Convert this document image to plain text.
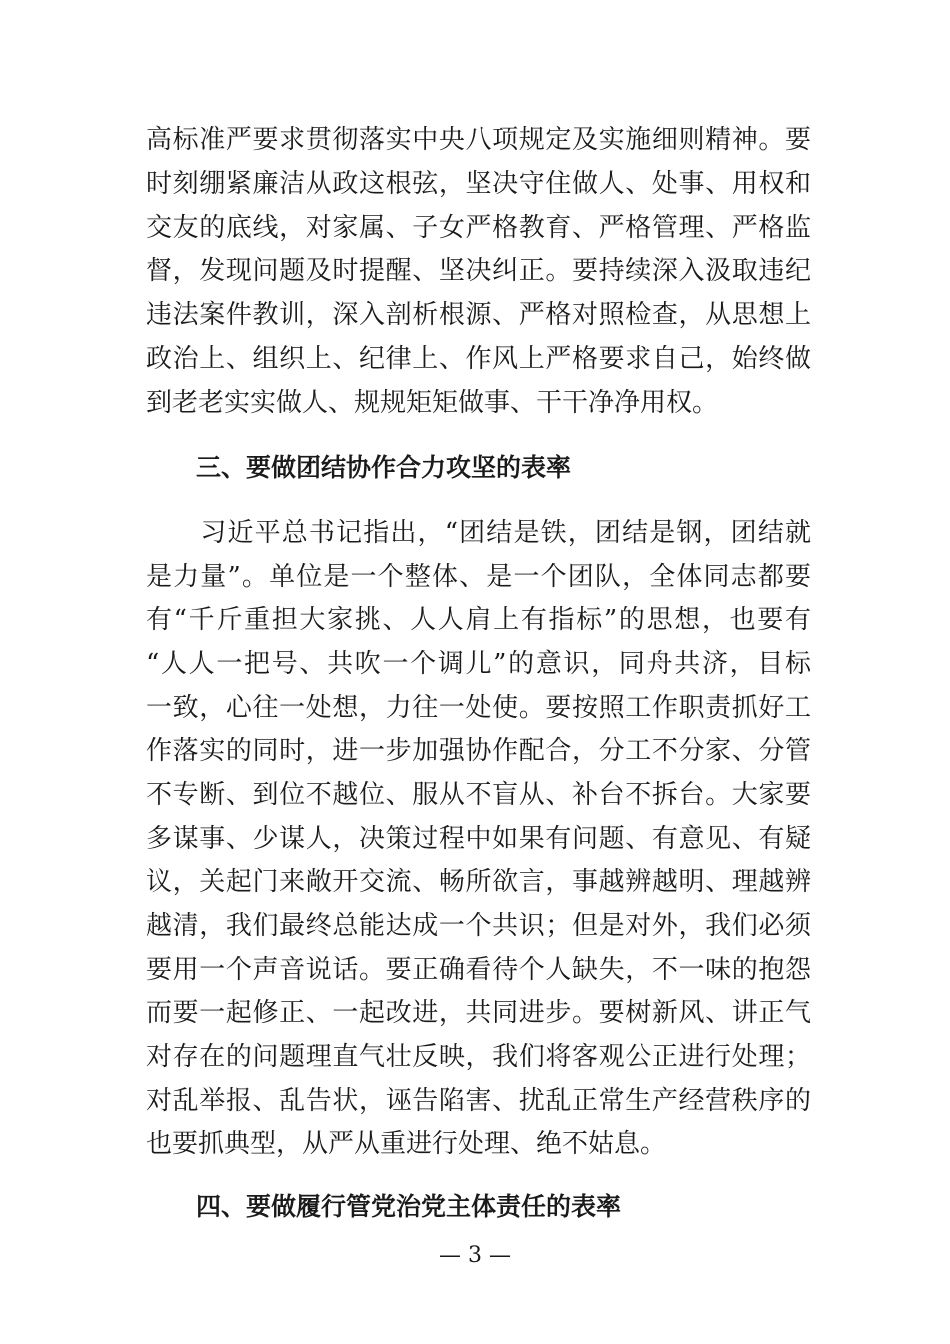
高标准严要求贯彻落实中央八项规定及实施细则精神。要
时刻绷紧廉洁从政这根弦，坚决守住做人、处事、用权和
交友的底线，对家属、子女严格教育、严格管理、严格监
督，发现问题及时提醒、坚决纠正。要持续深入汲取违纪
违法案件教训，深入剖析根源、严格对照检查，从思想上
政治上、组织上、纪律上、作风上严格要求自己，始终做
到老老实实做人、规规矩矩做事、干干净净用权。
三、要做团结协作合力攻坚的表率
　　习近平总书记指出，“团结是铁，团结是钢，团结就
是力量”。单位是一个整体、是一个团队，全体同志都要
有“千斤重担大家挑、人人肩上有指标”的思想，也要有
“人人一把号、共吹一个调儿”的意识，同舟共济，目标
一致，心往一处想，力往一处使。要按照工作职责抓好工
作落实的同时，进一步加强协作配合，分工不分家、分管
不专断、到位不越位、服从不盲从、补台不拆台。大家要
多谋事、少谋人，决策过程中如果有问题、有意见、有疑
议，关起门来敞开交流、畅所欲言，事越辨越明、理越辨
越清，我们最终总能达成一个共识；但是对外，我们必须
要用一个声音说话。要正确看待个人缺失，不一味的抱怨
而要一起修正、一起改进，共同进步。要树新风、讲正气
对存在的问题理直气壮反映，我们将客观公正进行处理；
对乱举报、乱告状，诬告陷害、扰乱正常生产经营秩序的
也要抓典型，从严从重进行处理、绝不姑息。
四、要做履行管党治党主体责任的表率
— 3 —
